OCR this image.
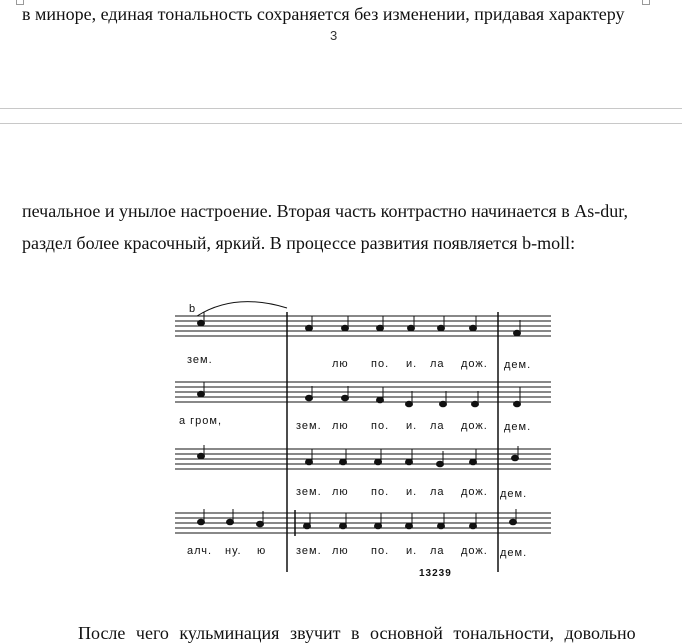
в миноре, единая тональность сохраняется без изменении, придавая характеру
3
печальное и унылое настроение. Вторая часть контрастно начинается в As-dur,
раздел более красочный, яркий. В процессе развития появляется b-moll:
b
зем.	лю по. и. ла дож. дем.
а гром,	зем. лю по. и. ла дож. дем.
зем. лю по. и. ла дож. дем.
алч. ну. ю	зем. лю по. и. ла дож. дем.
13239
После чего кульминация звучит в основной тональности, довольно
